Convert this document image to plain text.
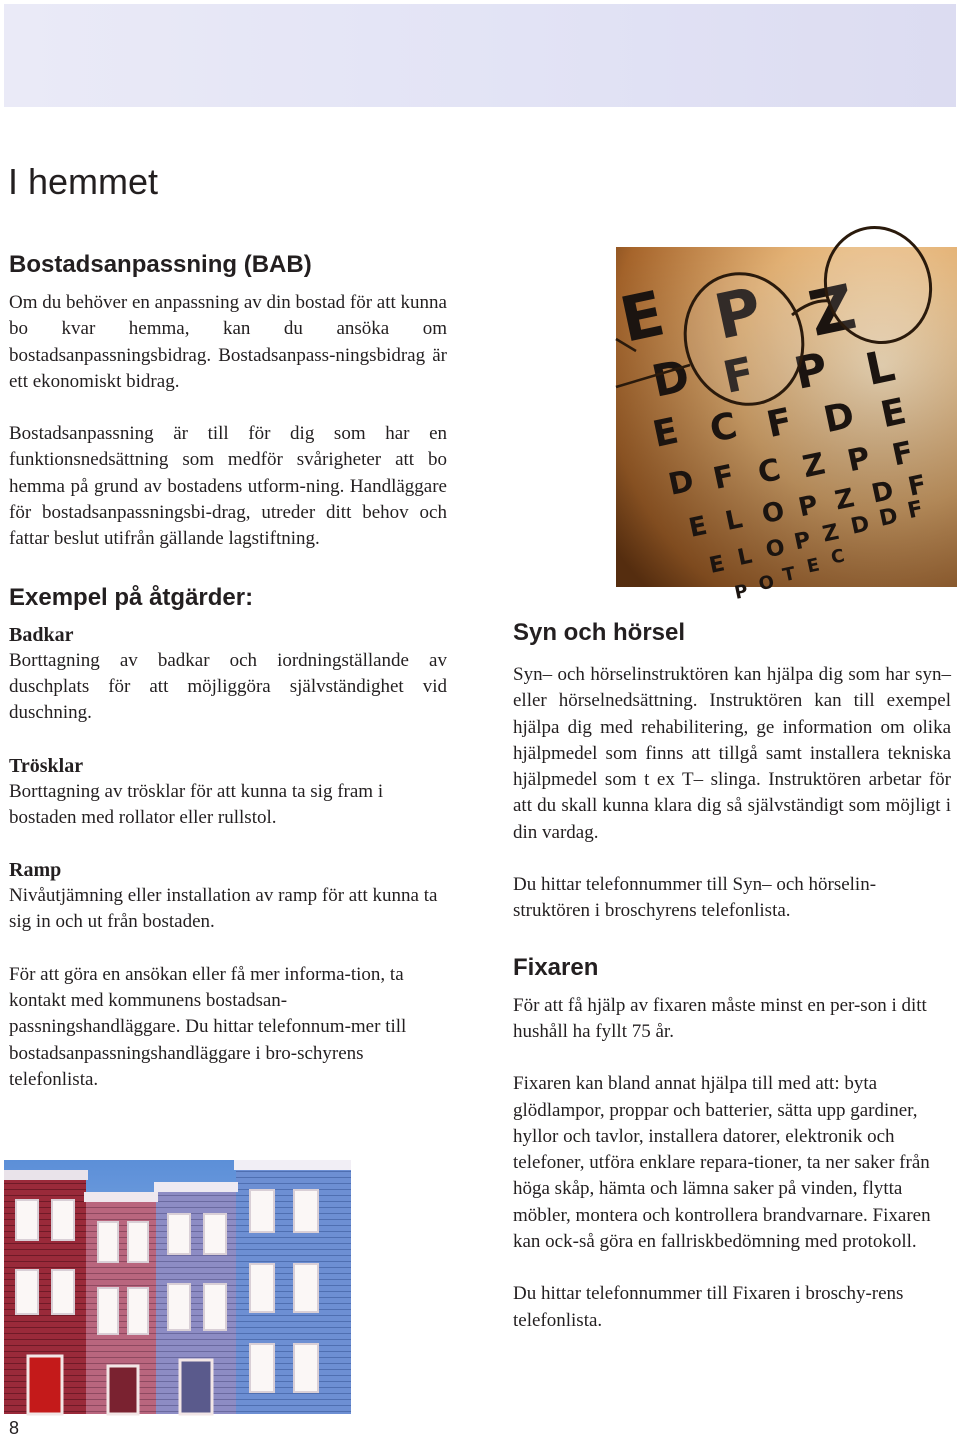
I hemmet
Bostadsanpassning (BAB)

Om du behöver en anpassning av din bostad för att kunna bo kvar hemma, kan du ansöka om bostadsanpassningsbidrag. Bostadsanpass-ningsbidrag är ett ekonomiskt bidrag.

Bostadsanpassning är till för dig som har en funktionsnedsättning som medför svårigheter att bo hemma på grund av bostadens utform-ning. Handläggare för bostadsanpassningsbi-drag, utreder ditt behov och fattar beslut utifrån gällande lagstiftning.

Exempel på åtgärder:
Badkar

Borttagning av badkar och iordningställande av duschplats för att möjliggöra självständighet vid duschning.

Trösklar

Borttagning av trösklar för att kunna ta sig fram i bostaden med rollator eller rullstol.

Ramp

Nivåutjämning eller installation av ramp för att kunna ta sig in och ut från bostaden.

För att göra en ansökan eller få mer informa-tion, ta kontakt med kommunens bostadsan-passningshandläggare. Du hittar telefonnum-mer till bostadsanpassningshandläggare i bro-schyrens telefonlista.

E P Z
D F P L
E C F D E
D F C Z P F
E L O P Z D F
E L O P Z D D F
P O T E C
Syn och hörsel

Syn– och hörselinstruktören kan hjälpa dig som har syn– eller hörselnedsättning. Instruktören kan till exempel hjälpa dig med rehabilitering, ge information om olika hjälpmedel som finns att tillgå samt installera tekniska hjälpmedel som t ex T– slinga. Instruktören arbetar för att du skall kunna klara dig så självständigt som möjligt i din vardag.

Du hittar telefonnummer till Syn– och hörselin-struktören i broschyrens telefonlista.

Fixaren

För att få hjälp av fixaren måste minst en per-son i ditt hushåll ha fyllt 75 år.

Fixaren kan bland annat hjälpa till med att: byta glödlampor, proppar och batterier, sätta upp gardiner, hyllor och tavlor, installera datorer, elektronik och telefoner, utföra enklare repara-tioner, ta ner saker från höga skåp, hämta och lämna saker på vinden, flytta möbler, montera och kontrollera brandvarnare. Fixaren kan ock-så göra en fallriskbedömning med protokoll.

Du hittar telefonnummer till Fixaren i broschy-rens telefonlista.

8
